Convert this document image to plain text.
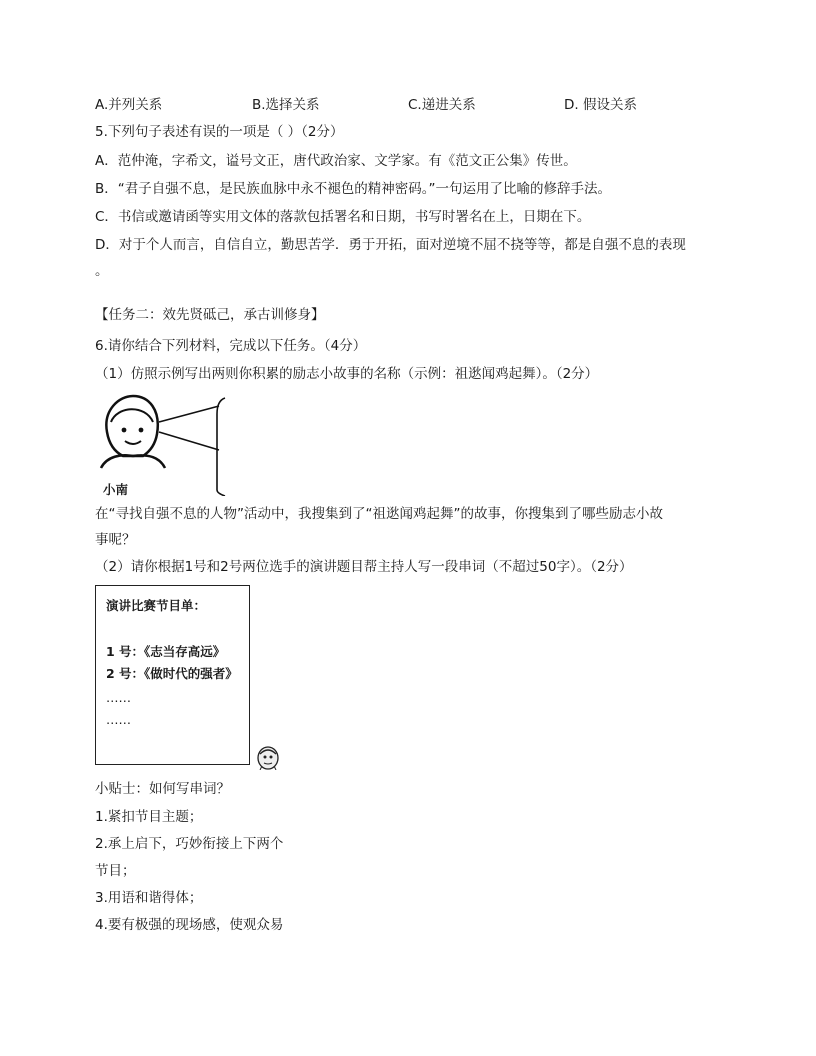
A.并列关系	B.选择关系	C.递进关系	D. 假设关系
5.下列句子表述有误的一项是（ ）（2分）
A．范仲淹，字希文，谥号文正，唐代政治家、文学家。有《范文正公集》传世。
B．“君子自强不息，是民族血脉中永不褪色的精神密码。”一句运用了比喻的修辞手法。
C．书信或邀请函等实用文体的落款包括署名和日期，书写时署名在上，日期在下。
D．对于个人而言，自信自立，勤思苦学．勇于开拓，面对逆境不屈不挠等等，都是自强不息的表现
。
【任务二：效先贤砥己，承古训修身】
6.请你结合下列材料，完成以下任务。（4分）
（1）仿照示例写出两则你积累的励志小故事的名称（示例：祖逖闻鸡起舞）。（2分）
小南
在“寻找自强不息的人物”活动中，我搜集到了“祖逖闻鸡起舞”的故事，你搜集到了哪些励志小故
事呢？
（2）请你根据1号和2号两位选手的演讲题目帮主持人写一段串词（不超过50字）。（2分）
演讲比赛节目单：
1 号：《志当存高远》
2 号：《做时代的强者》
……
……
小贴士：如何写串词？
1.紧扣节目主题；
2.承上启下，巧妙衔接上下两个
节目；
3.用语和谐得体；
4.要有极强的现场感，使观众易
